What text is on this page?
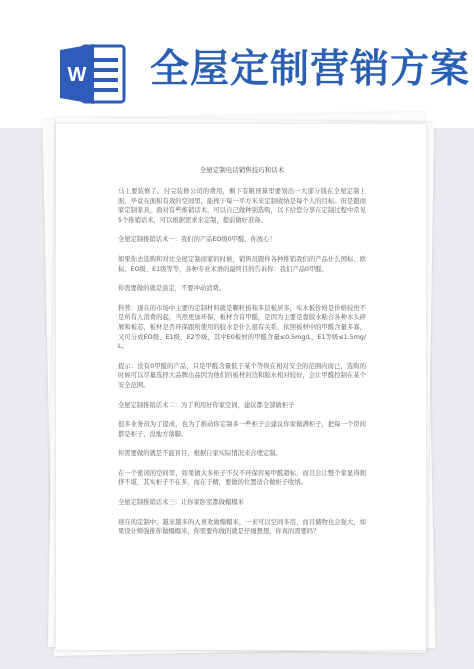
W 全屋定制营销方案
全屋定制电话销售技巧和话术

马上要装修了，付完装修公司的费用，剩下有限预算里要划出一大部分钱在全屋定制上面，毕竟在面积有效的空间里，能榨干每一平方米来定制收纳是每个人的目标。但是跟商家定制家具，面对有些推销话术，可以自己做种别选购，以下给您分享在定制过程中常见5个推销话术，可以根据需求来定制，提前做好准备。

全屋定制推销话术一：我们的产品EO级0甲醛，你放心！

如果你去选购和对比全屋定制商家的时候，销售员跟你各种推销我们的产品什么国标、欧标、EO级、E1级等等，各种专业术语的最终目的告诉你：我们产品0甲醛。

你需要做的就是淡定，不要冲动消费。

科普：现在的市场中主要的定制材料就是颗粒板和多层板居多，实木板价格是价格较贵不是所有人消费的起，当然更加环保，板材含有甲醛，是因为主要是靠胶水粘合各种木头碎屑和板芯，板材是否环保跟所使用的胶水是什么很有关系，依照板材中的甲醛含量多寡，又可分成EO级、E1级、E2等级，其中E0板材的甲醛含量≤0.5mg/L，E1等级≤1.5mg/L。

提示：没有0甲醛的产品，只是甲醛含量低于某个等级在相对安全的范围内而已，选购的时候可以尽量选择大品牌出品因为他们的板材封边和胶水相对较好，会让甲醛控制在某个安全范围。

全屋定制推销话术二：为了利用好你家空间，建议都全部做柜子

很多业务员为了提成，也为了推动你定制多一些柜子会建议你家做满柜子，把每一个房间都是柜子，没地方落脚。

你需要做的就是不能盲目，根据自家实际情况来合理定制。

在一个密闭的空间里，如果做太多柜子不仅不环保容易甲醛超标，而且会让整个家显得拥挤不堪，其实柜子不在多，而在于精，要做的位置适合做柜子收纳。

全屋定制推销话术三：让你家卧室都做榻榻米

现在的定制中，越来越多的人喜欢做榻榻米，一来可以空间多用，而且储物也会强大，如果设计师强推你做榻榻米，你需要你做的就是仔细想想，你真的需要吗？
